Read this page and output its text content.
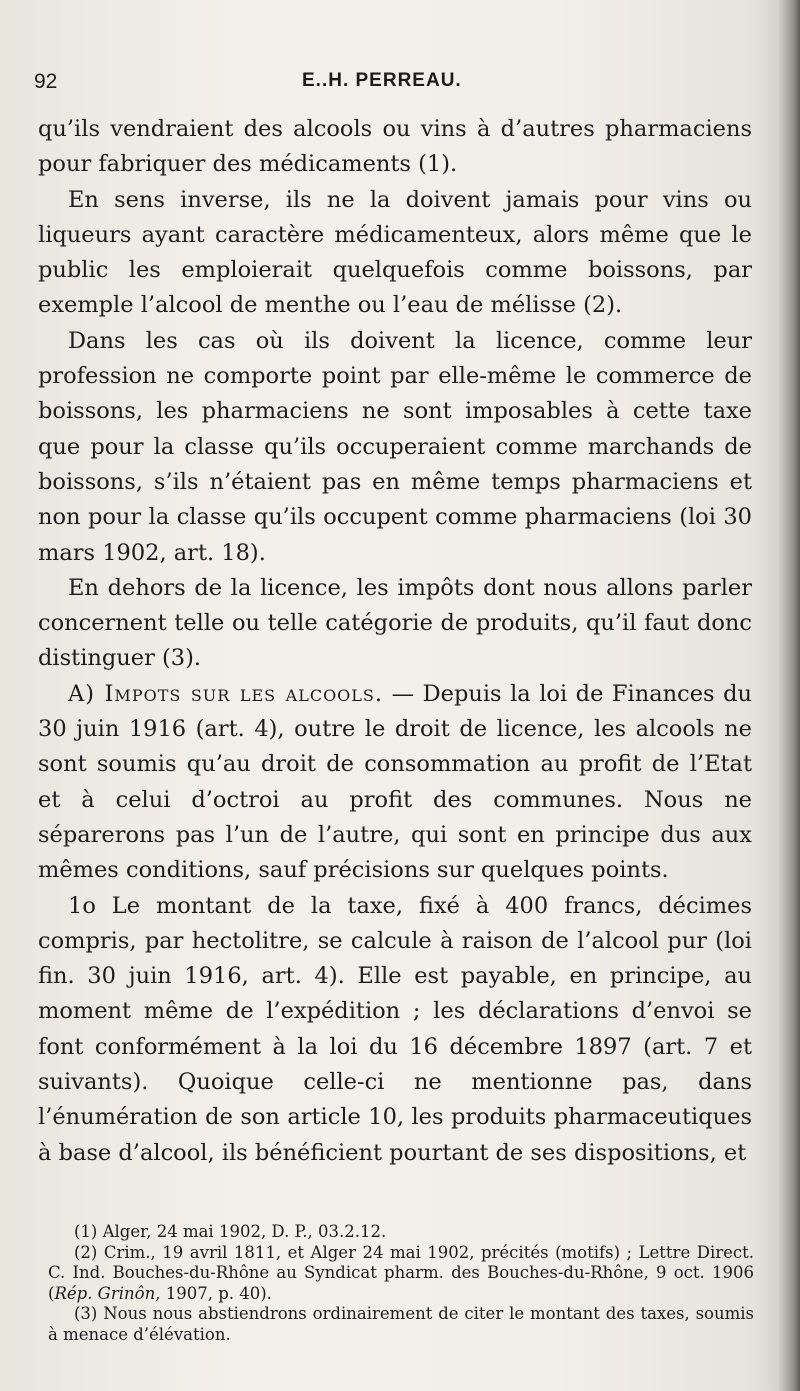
92	E..H. PERREAU.

qu’ils vendraient des alcools ou vins à d’autres pharmaciens pour fabriquer des médicaments (1).

En sens inverse, ils ne la doivent jamais pour vins ou liqueurs ayant caractère médicamenteux, alors même que le public les emploierait quelquefois comme boissons, par exemple l’alcool de menthe ou l’eau de mélisse (2).

Dans les cas où ils doivent la licence, comme leur profession ne comporte point par elle-même le commerce de boissons, les pharmaciens ne sont imposables à cette taxe que pour la classe qu’ils occuperaient comme marchands de boissons, s’ils n’étaient pas en même temps pharmaciens et non pour la classe qu’ils occupent comme pharmaciens (loi 30 mars 1902, art. 18).

En dehors de la licence, les impôts dont nous allons parler concernent telle ou telle catégorie de produits, qu’il faut donc distinguer (3).

A) Impots sur les alcools. — Depuis la loi de Finances du 30 juin 1916 (art. 4), outre le droit de licence, les alcools ne sont soumis qu’au droit de consommation au profit de l’Etat et à celui d’octroi au profit des communes. Nous ne séparerons pas l’un de l’autre, qui sont en principe dus aux mêmes conditions, sauf précisions sur quelques points.

1o Le montant de la taxe, fixé à 400 francs, décimes compris, par hectolitre, se calcule à raison de l’alcool pur (loi fin. 30 juin 1916, art. 4). Elle est payable, en principe, au moment même de l’expédition ; les déclarations d’envoi se font conformément à la loi du 16 décembre 1897 (art. 7 et suivants). Quoique celle-ci ne mentionne pas, dans l’énumération de son article 10, les produits pharmaceutiques à base d’alcool, ils bénéficient pourtant de ses dispositions, et

(1) Alger, 24 mai 1902, D. P., 03.2.12.

(2) Crim., 19 avril 1811, et Alger 24 mai 1902, précités (motifs) ; Lettre Direct. C. Ind. Bouches-du-Rhône au Syndicat pharm. des Bouches-du-Rhône, 9 oct. 1906 (Rép. Grinôn, 1907, p. 40).

(3) Nous nous abstiendrons ordinairement de citer le montant des taxes, soumis à menace d’élévation.
